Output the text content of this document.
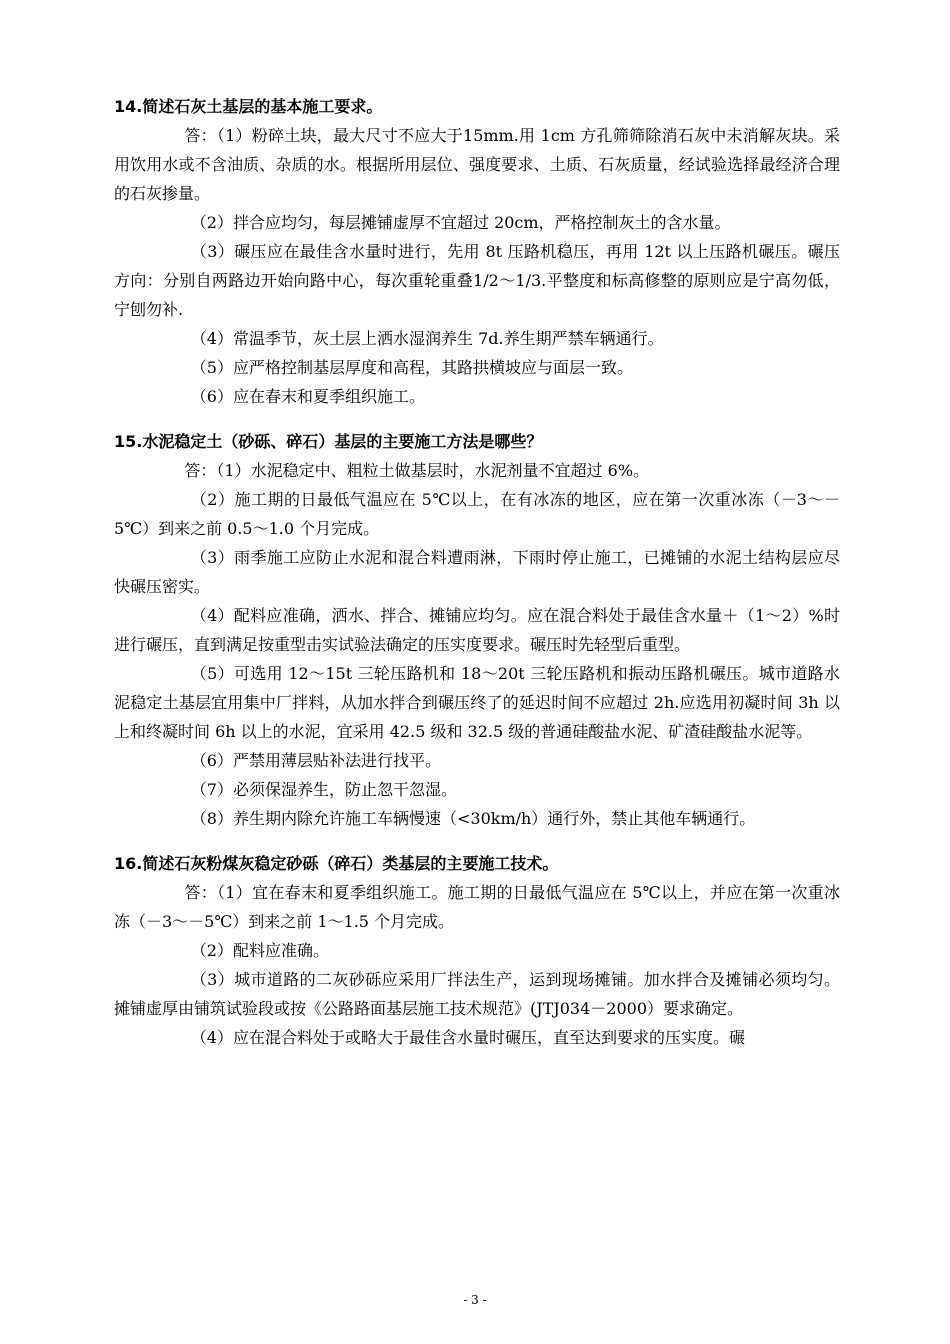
14.简述石灰土基层的基本施工要求。

答：（1）粉碎土块，最大尺寸不应大于15mm.用 1cm 方孔筛筛除消石灰中未消解灰块。采用饮用水或不含油质、杂质的水。根据所用层位、强度要求、土质、石灰质量，经试验选择最经济合理的石灰掺量。

（2）拌合应均匀，每层摊铺虚厚不宜超过 20cm，严格控制灰土的含水量。

（3）碾压应在最佳含水量时进行，先用 8t 压路机稳压，再用 12t 以上压路机碾压。碾压方向：分别自两路边开始向路中心，每次重轮重叠1/2～1/3.平整度和标高修整的原则应是宁高勿低，宁刨勿补.

（4）常温季节，灰土层上洒水湿润养生 7d.养生期严禁车辆通行。

（5）应严格控制基层厚度和高程，其路拱横坡应与面层一致。

（6）应在春末和夏季组织施工。

15.水泥稳定土（砂砾、碎石）基层的主要施工方法是哪些？

答：（1）水泥稳定中、粗粒土做基层时，水泥剂量不宜超过 6%。

（2）施工期的日最低气温应在 5℃以上，在有冰冻的地区，应在第一次重冰冻（－3～－5℃）到来之前 0.5～1.0 个月完成。

（3）雨季施工应防止水泥和混合料遭雨淋，下雨时停止施工，已摊铺的水泥土结构层应尽快碾压密实。

（4）配料应准确，洒水、拌合、摊铺应均匀。应在混合料处于最佳含水量＋（1～2）%时进行碾压，直到满足按重型击实试验法确定的压实度要求。碾压时先轻型后重型。

（5）可选用 12～15t 三轮压路机和 18～20t 三轮压路机和振动压路机碾压。城市道路水泥稳定土基层宜用集中厂拌料，从加水拌合到碾压终了的延迟时间不应超过 2h.应选用初凝时间 3h 以上和终凝时间 6h 以上的水泥，宜采用 42.5 级和 32.5 级的普通硅酸盐水泥、矿渣硅酸盐水泥等。

（6）严禁用薄层贴补法进行找平。

（7）必须保湿养生，防止忽干忽湿。

（8）养生期内除允许施工车辆慢速（<30km/h）通行外，禁止其他车辆通行。

16.简述石灰粉煤灰稳定砂砾（碎石）类基层的主要施工技术。

答：（1）宜在春末和夏季组织施工。施工期的日最低气温应在 5℃以上，并应在第一次重冰冻（－3～－5℃）到来之前 1～1.5 个月完成。

（2）配料应准确。

（3）城市道路的二灰砂砾应采用厂拌法生产，运到现场摊铺。加水拌合及摊铺必须均匀。摊铺虚厚由铺筑试验段或按《公路路面基层施工技术规范》(JTJ034－2000）要求确定。

（4）应在混合料处于或略大于最佳含水量时碾压，直至达到要求的压实度。碾

- 3 -
